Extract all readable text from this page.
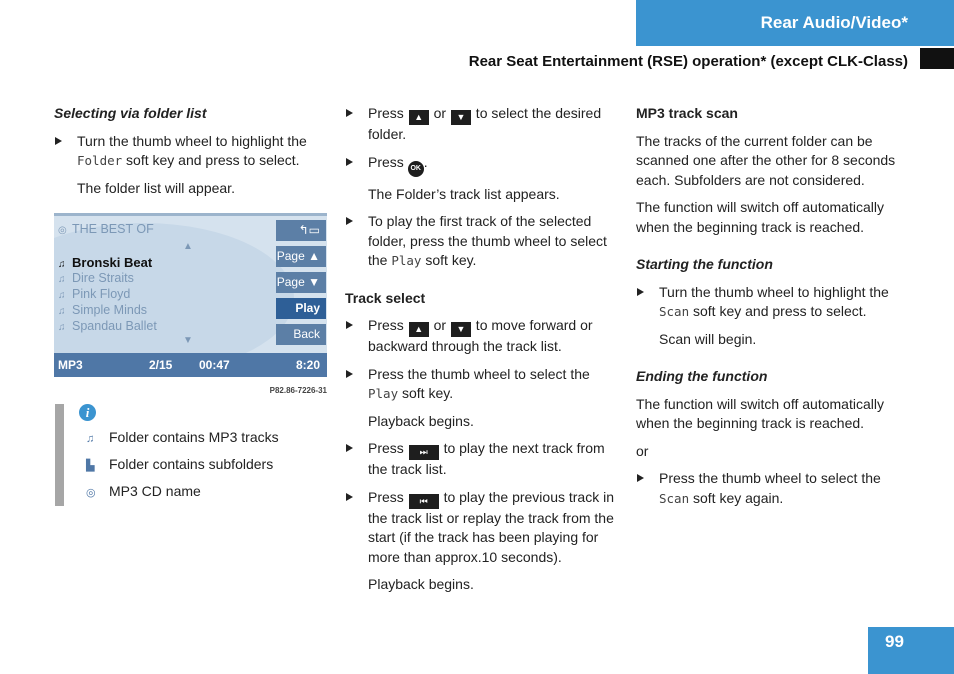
Rear Audio/Video*
Rear Seat Entertainment (RSE) operation* (except CLK-Class)

Selecting via folder list

Turn the thumb wheel to highlight the
Folder soft key and press to select.

The folder list will appear.

◎ THE BEST OF
▲
♫ Bronski Beat
♫ Dire Straits
♫ Pink Floyd
♫ Simple Minds
♫ Spandau Ballet
▼
↰▭
Page ▲
Page ▼
Play
Back
MP3	2/15 00:47	8:20
P82.86-7226-31
i
♫ Folder contains MP3 tracks
▙ Folder contains subfolders
◎ MP3 CD name
Press ▲ or ▼ to select the desired folder.
Press OK .

The Folder’s track list appears.

To play the first track of the selected folder, press the thumb wheel to select the Play soft key.

Track select

Press ▲ or ▼ to move forward or backward through the track list.
Press the thumb wheel to select the
Play soft key.

Playback begins.

Press ⏭ to play the next track from the track list.
Press ⏮ to play the previous track in the track list or replay the track from the start (if the track has been playing for more than approx.10 seconds).

Playback begins.

MP3 track scan

The tracks of the current folder can be scanned one after the other for 8 seconds each. Subfolders are not considered.

The function will switch off automatically when the beginning track is reached.

Starting the function

Turn the thumb wheel to highlight the
Scan soft key and press to select.

Scan will begin.

Ending the function

The function will switch off automatically when the beginning track is reached.

or

Press the thumb wheel to select the
Scan soft key again.
99
